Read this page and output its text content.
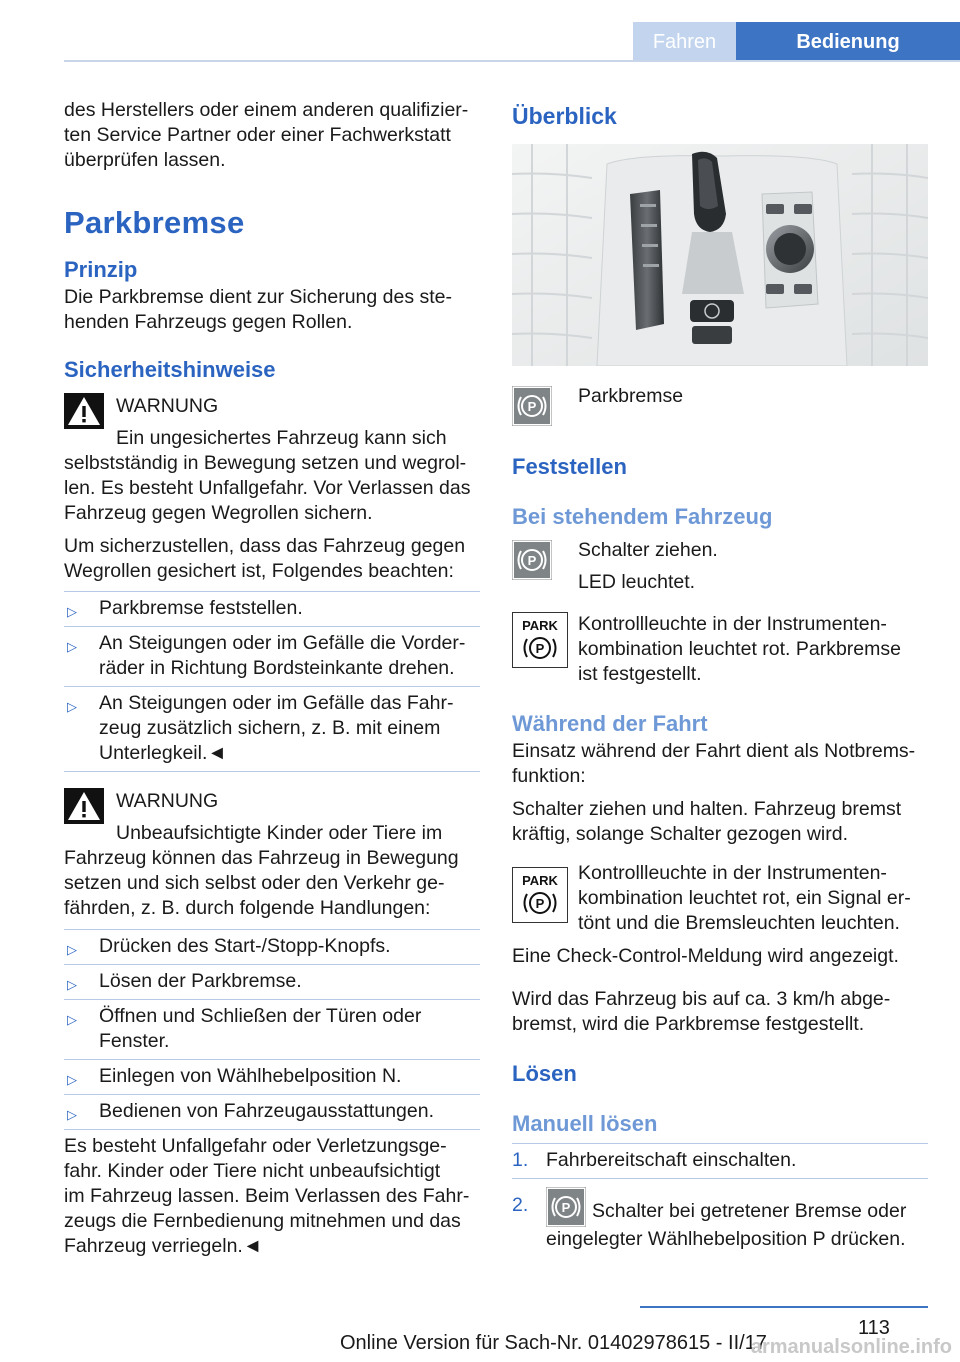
Fahren	Bedienung
des Herstellers oder einem anderen qualifizier-
ten Service Partner oder einer Fachwerkstatt
überprüfen lassen.
Parkbremse
Prinzip
Die Parkbremse dient zur Sicherung des ste-
henden Fahrzeugs gegen Rollen.
Sicherheitshinweise
WARNUNG
Ein ungesichertes Fahrzeug kann sich
selbstständig in Bewegung setzen und wegrol-
len. Es besteht Unfallgefahr. Vor Verlassen das
Fahrzeug gegen Wegrollen sichern.
Um sicherzustellen, dass das Fahrzeug gegen
Wegrollen gesichert ist, Folgendes beachten:
▷ Parkbremse feststellen.
▷ An Steigungen oder im Gefälle die Vorder-
räder in Richtung Bordsteinkante drehen.
▷ An Steigungen oder im Gefälle das Fahr-
zeug zusätzlich sichern, z. B. mit einem
Unterlegkeil.◄
WARNUNG
Unbeaufsichtigte Kinder oder Tiere im
Fahrzeug können das Fahrzeug in Bewegung
setzen und sich selbst oder den Verkehr ge-
fährden, z. B. durch folgende Handlungen:
▷ Drücken des Start-/Stopp-Knopfs.
▷ Lösen der Parkbremse.
▷ Öffnen und Schließen der Türen oder
Fenster.
▷ Einlegen von Wählhebelposition N.
▷ Bedienen von Fahrzeugausstattungen.
Es besteht Unfallgefahr oder Verletzungsge-
fahr. Kinder oder Tiere nicht unbeaufsichtigt
im Fahrzeug lassen. Beim Verlassen des Fahr-
zeugs die Fernbedienung mitnehmen und das
Fahrzeug verriegeln.◄
Überblick
P Parkbremse
Feststellen
Bei stehendem Fahrzeug
P Schalter ziehen.
LED leuchtet.
PARK
P
Kontrollleuchte in der Instrumenten-
kombination leuchtet rot. Parkbremse
ist festgestellt.
Während der Fahrt
Einsatz während der Fahrt dient als Notbrems-
funktion:
Schalter ziehen und halten. Fahrzeug bremst
kräftig, solange Schalter gezogen wird.
PARK
P
Kontrollleuchte in der Instrumenten-
kombination leuchtet rot, ein Signal er-
tönt und die Bremsleuchten leuchten.
Eine Check-Control-Meldung wird angezeigt.
Wird das Fahrzeug bis auf ca. 3 km/h abge-
bremst, wird die Parkbremse festgestellt.
Lösen
Manuell lösen
1. Fahrbereitschaft einschalten.
2.	P Schalter bei getretener Bremse oder
eingelegter Wählhebelposition P drücken.
113
Online Version für Sach-Nr. 01402978615 - II/17
armanualsonline.info
